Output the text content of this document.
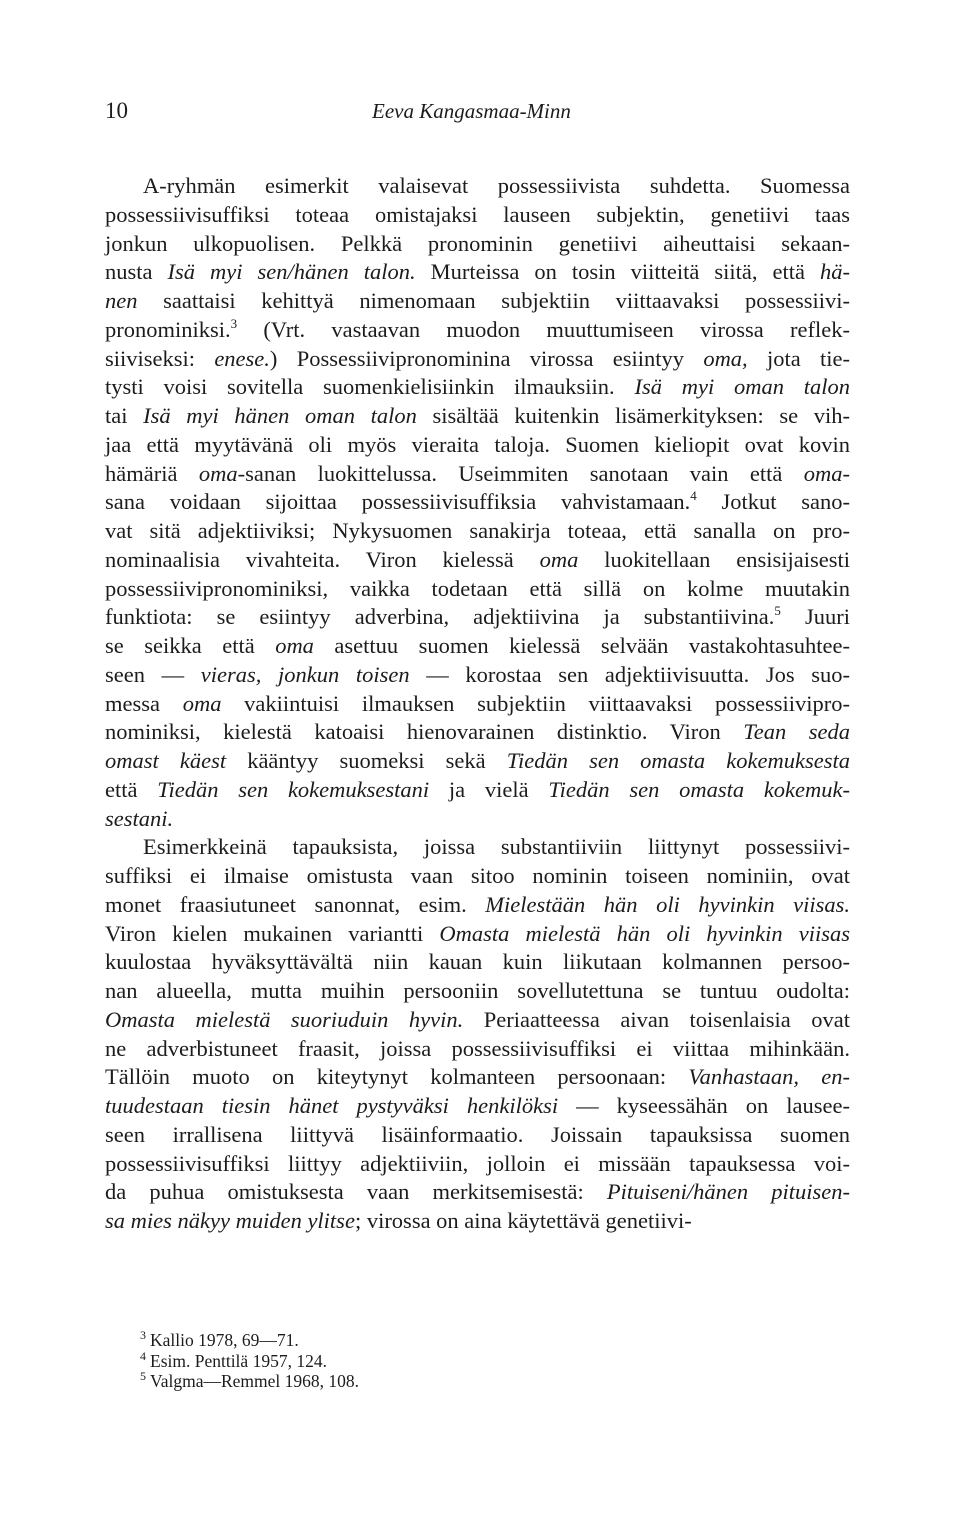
10	Eeva Kangasmaa-Minn
A-ryhmän esimerkit valaisevat possessiivista suhdetta. Suomessa
possessiivisuffiksi toteaa omistajaksi lauseen subjektin, genetiivi taas
jonkun ulkopuolisen. Pelkkä pronominin genetiivi aiheuttaisi sekaan-
nusta Isä myi sen/hänen talon. Murteissa on tosin viitteitä siitä, että hä-
nen saattaisi kehittyä nimenomaan subjektiin viittaavaksi possessiivi-
pronominiksi.$^3$ (Vrt. vastaavan muodon muuttumiseen virossa reflek-
siiviseksi: enese.) Possessiivipronominina virossa esiintyy oma, jota tie-
tysti voisi sovitella suomenkielisiinkin ilmauksiin. Isä myi oman talon
tai Isä myi hänen oman talon sisältää kuitenkin lisämerkityksen: se vih-
jaa että myytävänä oli myös vieraita taloja. Suomen kieliopit ovat kovin
hämäriä oma-sanan luokittelussa. Useimmiten sanotaan vain että oma-
sana voidaan sijoittaa possessiivisuffiksia vahvistamaan.$^4$ Jotkut sano-
vat sitä adjektiiviksi; Nykysuomen sanakirja toteaa, että sanalla on pro-
nominaalisia vivahteita. Viron kielessä oma luokitellaan ensisijaisesti
possessiivipronominiksi, vaikka todetaan että sillä on kolme muutakin
funktiota: se esiintyy adverbina, adjektiivina ja substantiivina.$^5$ Juuri
se seikka että oma asettuu suomen kielessä selvään vastakohtasuhtee-
seen — vieras, jonkun toisen — korostaa sen adjektiivisuutta. Jos suo-
messa oma vakiintuisi ilmauksen subjektiin viittaavaksi possessiivipro-
nominiksi, kielestä katoaisi hienovarainen distinktio. Viron Tean seda
omast käest kääntyy suomeksi sekä Tiedän sen omasta kokemuksesta
että Tiedän sen kokemuksestani ja vielä Tiedän sen omasta kokemuk-
sestani.
Esimerkkeinä tapauksista, joissa substantiiviin liittynyt possessiivi-
suffiksi ei ilmaise omistusta vaan sitoo nominin toiseen nominiin, ovat
monet fraasiutuneet sanonnat, esim. Mielestään hän oli hyvinkin viisas.
Viron kielen mukainen variantti Omasta mielestä hän oli hyvinkin viisas
kuulostaa hyväksyttävältä niin kauan kuin liikutaan kolmannen persoo-
nan alueella, mutta muihin persooniin sovellutettuna se tuntuu oudolta:
Omasta mielestä suoriuduin hyvin. Periaatteessa aivan toisenlaisia ovat
ne adverbistuneet fraasit, joissa possessiivisuffiksi ei viittaa mihinkään.
Tällöin muoto on kiteytynyt kolmanteen persoonaan: Vanhastaan, en-
tuudestaan tiesin hänet pystyväksi henkilöksi — kyseessähän on lausee-
seen irrallisena liittyvä lisäinformaatio. Joissain tapauksissa suomen
possessiivisuffiksi liittyy adjektiiviin, jolloin ei missään tapauksessa voi-
da puhua omistuksesta vaan merkitsemisestä: Pituiseni/hänen pituisen-
sa mies näkyy muiden ylitse; virossa on aina käytettävä genetiivi-
$^3$ Kallio 1978, 69—71.
$^4$ Esim. Penttilä 1957, 124.
$^5$ Valgma—Remmel 1968, 108.
